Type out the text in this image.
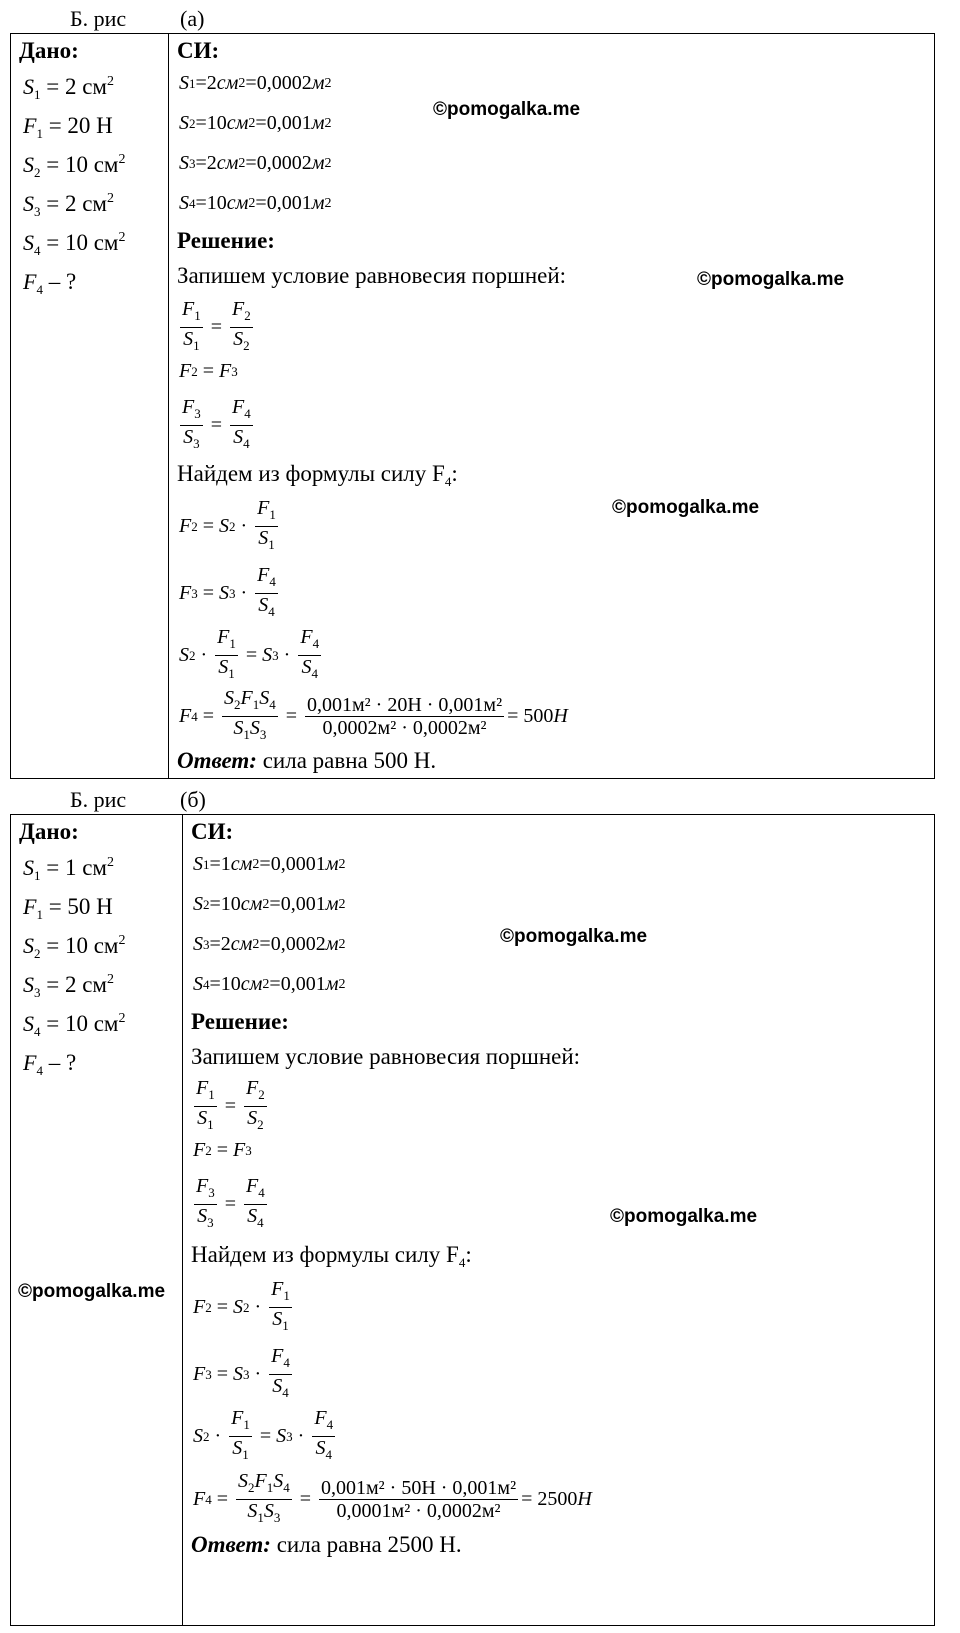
Б. рис (а)
Дано:
$S_1 = 2$ $см^2$
$F_1 = 20$ Н
$S_2 = 10$ $см^2$
$S_3 = 2$ $см^2$
$S_4 = 10$ $см^2$
$F_4$ – ?
СИ:
S 1 =2 см 2 =0,0002 м 2
S 2 =10 см 2 =0,001 м 2
S 3 =2 см 2 =0,0002 м 2
S 4 =10 см 2 =0,001 м 2
Решение:
Запишем условие равновесия поршней:
$\frac{F_1}{S_1} = \frac{F_2}{S_2}$
F 2 = F 3
$\frac{F_3}{S_3} = \frac{F_4}{S_4}$
Найдем из формулы силу $F_4$:
F 2 = S $2 \cdot \frac{F_1}{S_1}$
F 3 = S $3 \cdot \frac{F_4}{S_4}$
S $2 \cdot \frac{F_1}{S_1} = S$ $3 \cdot \frac{F_4}{S_4}$
F $4 = \frac{S_2F_1S_4}{S_1S_3} = \frac{\text{0,001м² · 20Н · 0,001м²}}{\text{0,0002м² · 0,0002м²}} = 500$ Н
Ответ: сила равна 500 Н.
©pomogalka.me
©pomogalka.me
©pomogalka.me
Б. рис (б)
Дано:
$S_1 = 1$ $см^2$
$F_1 = 50$ Н
$S_2 = 10$ $см^2$
$S_3 = 2$ $см^2$
$S_4 = 10$ $см^2$
$F_4$ – ?
СИ:
S 1 =1 см 2 =0,0001 м 2
S 2 =10 см 2 =0,001 м 2
S 3 =2 см 2 =0,0002 м 2
S 4 =10 см 2 =0,001 м 2
Решение:
Запишем условие равновесия поршней:
$\frac{F_1}{S_1} = \frac{F_2}{S_2}$
F 2 = F 3
$\frac{F_3}{S_3} = \frac{F_4}{S_4}$
Найдем из формулы силу $F_4$:
F 2 = S $2 \cdot \frac{F_1}{S_1}$
F 3 = S $3 \cdot \frac{F_4}{S_4}$
S $2 \cdot \frac{F_1}{S_1} = S$ $3 \cdot \frac{F_4}{S_4}$
F $4 = \frac{S_2F_1S_4}{S_1S_3} = \frac{\text{0,001м² · 50Н · 0,001м²}}{\text{0,0001м² · 0,0002м²}} = 2500$ Н
Ответ: сила равна 2500 Н.
©pomogalka.me
©pomogalka.me
©pomogalka.me
